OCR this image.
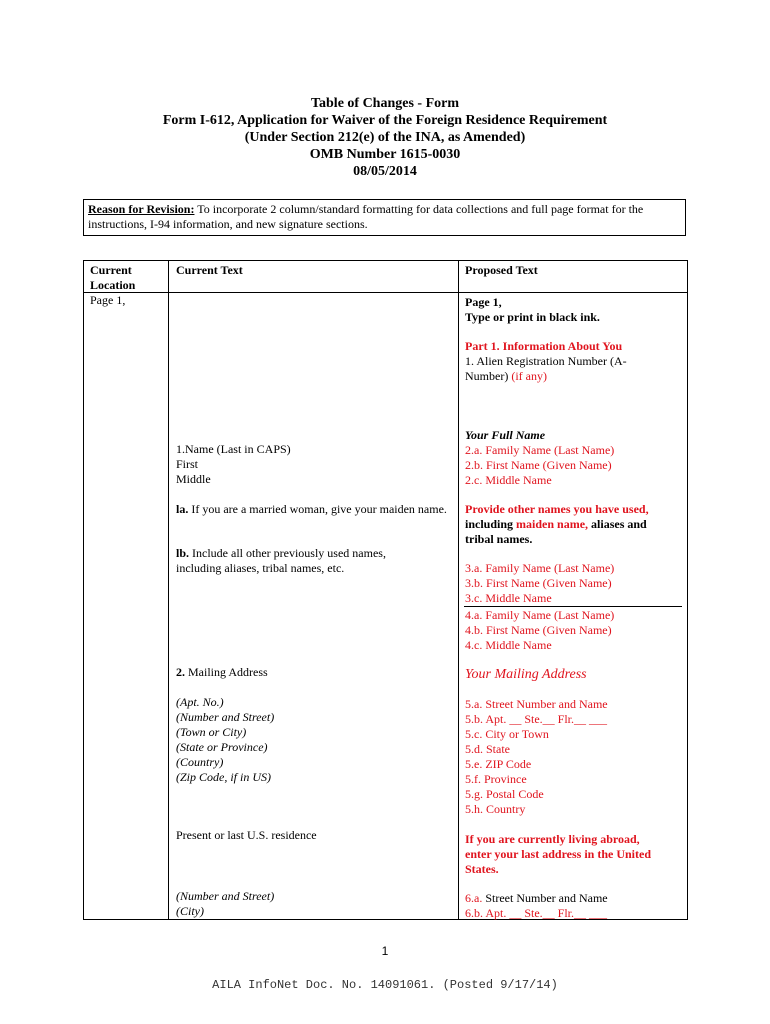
Table of Changes - Form
Form I-612, Application for Waiver of the Foreign Residence Requirement
(Under Section 212(e) of the INA, as Amended)
OMB Number 1615-0030
08/05/2014
Reason for Revision: To incorporate 2 column/standard formatting for data collections and full page format for the instructions, I-94 information, and new signature sections.
Current Location
Current Text	Proposed Text
Page 1,
1.Name (Last in CAPS)
First
Middle
la. If you are a married woman, give your maiden name.
lb. Include all other previously used names, including aliases, tribal names, etc.
2. Mailing Address
(Apt. No.)
(Number and Street)
(Town or City)
(State or Province)
(Country)
(Zip Code, if in US)
Present or last U.S. residence
(Number and Street)
(City)
Page 1,
Type or print in black ink.
Part 1. Information About You
1. Alien Registration Number (A-
Number) (if any)
Your Full Name
2.a. Family Name (Last Name)
2.b. First Name (Given Name)
2.c. Middle Name
Provide other names you have used,
including maiden name, aliases and
tribal names.
3.a. Family Name (Last Name)
3.b. First Name (Given Name)
3.c. Middle Name
4.a. Family Name (Last Name)
4.b. First Name (Given Name)
4.c. Middle Name
Your Mailing Address
5.a. Street Number and Name
5.b. Apt. __ Ste.__ Flr.__ ___
5.c. City or Town
5.d. State
5.e. ZIP Code
5.f. Province
5.g. Postal Code
5.h. Country
If you are currently living abroad,
enter your last address in the United
States.
6.a. Street Number and Name
6.b. Apt. __ Ste.__ Flr.__ ___
1
AILA InfoNet Doc. No. 14091061. (Posted 9/17/14)
